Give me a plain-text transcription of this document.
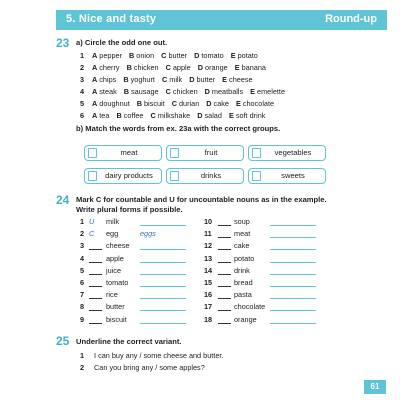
5. Nice and tasty	Round-up
23 a) Circle the odd one out.
1 A pepper B onion C butter D tomato E potato
2 A cherry B chicken C apple D orange E banana
3 A chips B yoghurt C milk D butter E cheese
4 A steak B sausage C chicken D meatballs E emelette
5 A doughnut B biscuit C durian D cake E chocolate
6 A tea B coffee C milkshake D salad E soft drink
b) Match the words from ex. 23a with the correct groups.
meat	fruit	vegetables
dairy products	drinks	sweets
24 Mark C for countable and U for uncountable nouns as in the example. Write plural forms if possible.
1 U milk
2 C egg	eggs
3	cheese
4	apple
5	juice
6	tomato
7	rice
8	butter
9	biscuit
10	soup
11	meat
12	cake
13	potato
14	drink
15	bread
16	pasta
17	chocolate
18	orange
25 Underline the correct variant.
1 I can buy any / some cheese and butter.
2 Can you bring any / some apples?
61
